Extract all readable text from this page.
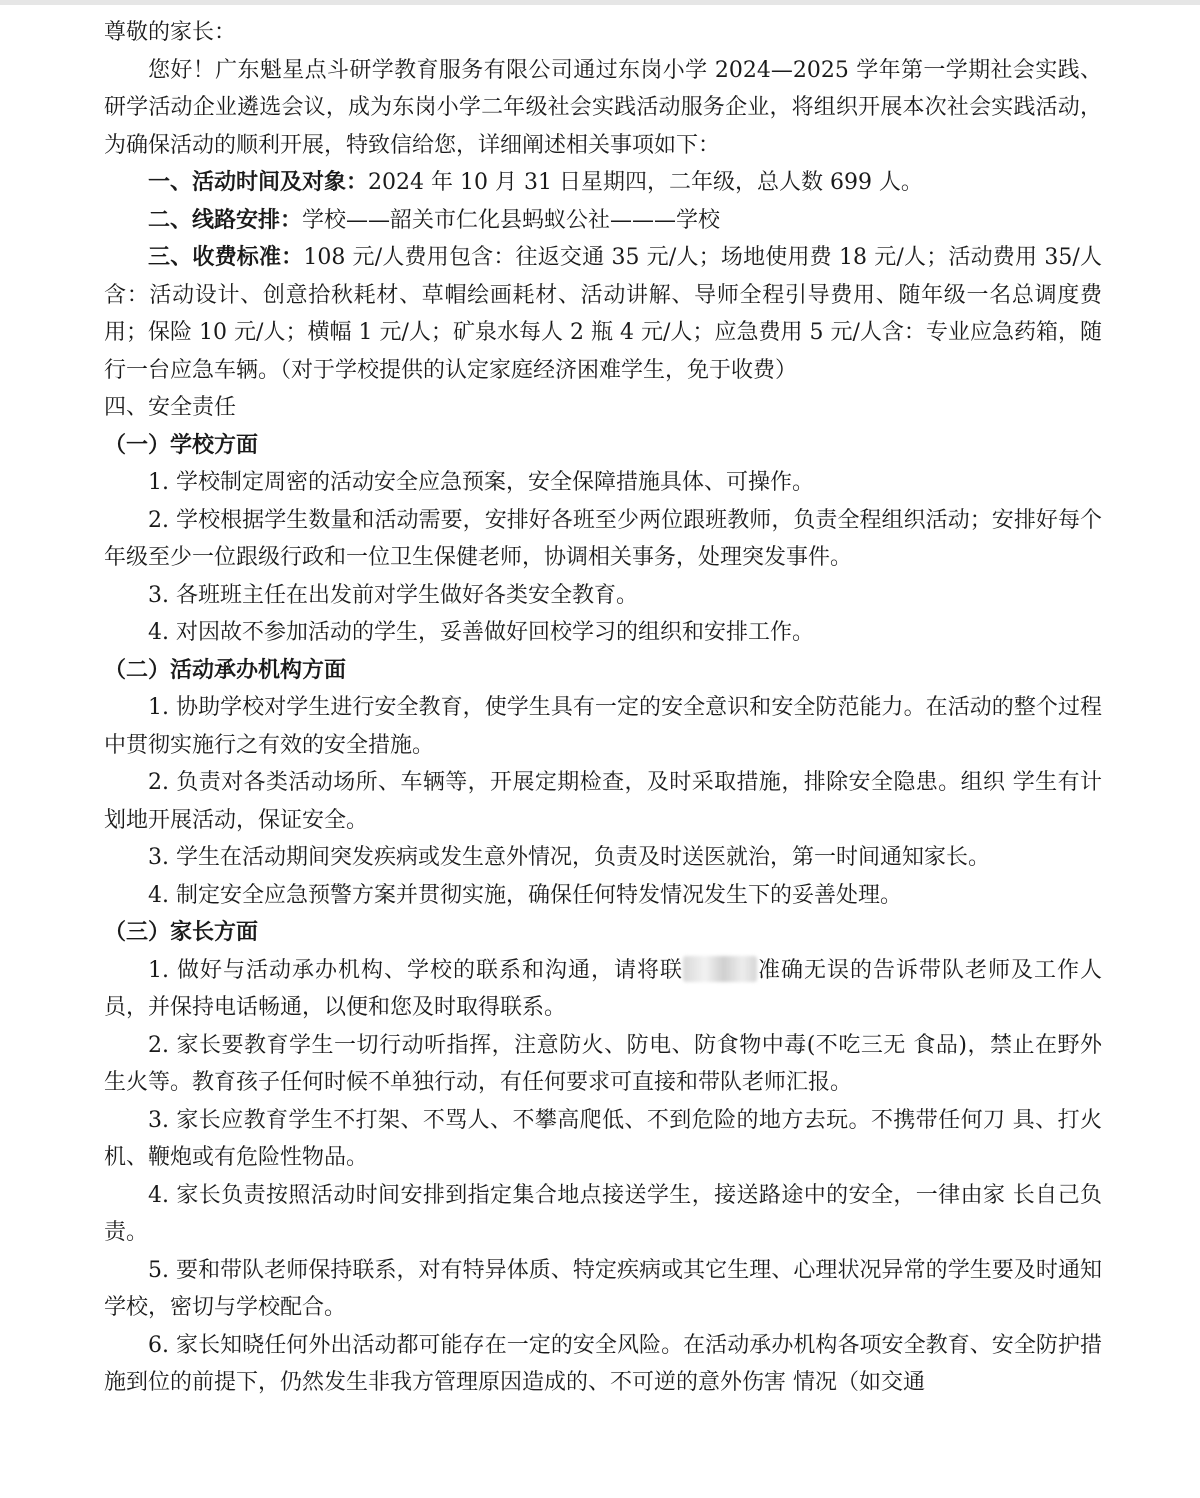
尊敬的家长：

您好！广东魁星点斗研学教育服务有限公司通过东岗小学 2024—2025 学年第一学期社会实践、研学活动企业遴选会议，成为东岗小学二年级社会实践活动服务企业，将组织开展本次社会实践活动，为确保活动的顺利开展，特致信给您，详细阐述相关事项如下：

一、活动时间及对象：2024 年 10 月 31 日星期四，二年级，总人数 699 人。

二、线路安排：学校——韶关市仁化县蚂蚁公社———学校

三、收费标准：108 元/人费用包含：往返交通 35 元/人；场地使用费 18 元/人；活动费用 35/人含：活动设计、创意拾秋耗材、草帽绘画耗材、活动讲解、导师全程引导费用、随年级一名总调度费用；保险 10 元/人；横幅 1 元/人；矿泉水每人 2 瓶 4 元/人；应急费用 5 元/人含：专业应急药箱，随行一台应急车辆。（对于学校提供的认定家庭经济困难学生，免于收费）

四、安全责任

（一）学校方面

1. 学校制定周密的活动安全应急预案，安全保障措施具体、可操作。

2. 学校根据学生数量和活动需要，安排好各班至少两位跟班教师，负责全程组织活动；安排好每个年级至少一位跟级行政和一位卫生保健老师，协调相关事务，处理突发事件。

3. 各班班主任在出发前对学生做好各类安全教育。

4. 对因故不参加活动的学生，妥善做好回校学习的组织和安排工作。

（二）活动承办机构方面

1. 协助学校对学生进行安全教育，使学生具有一定的安全意识和安全防范能力。在活动的整个过程中贯彻实施行之有效的安全措施。

2. 负责对各类活动场所、车辆等，开展定期检查，及时采取措施，排除安全隐患。组织 学生有计划地开展活动，保证安全。

3. 学生在活动期间突发疾病或发生意外情况，负责及时送医就治，第一时间通知家长。

4. 制定安全应急预警方案并贯彻实施，确保任何特发情况发生下的妥善处理。

（三）家长方面

1. 做好与活动承办机构、学校的联系和沟通，请将联	准确无误的告诉带队老师及工作人员，并保持电话畅通，以便和您及时取得联系。

2. 家长要教育学生一切行动听指挥，注意防火、防电、防食物中毒(不吃三无 食品)，禁止在野外生火等。教育孩子任何时候不单独行动，有任何要求可直接和带队老师汇报。

3. 家长应教育学生不打架、不骂人、不攀高爬低、不到危险的地方去玩。不携带任何刀 具、打火机、鞭炮或有危险性物品。

4. 家长负责按照活动时间安排到指定集合地点接送学生，接送路途中的安全，一律由家 长自己负责。

5. 要和带队老师保持联系，对有特异体质、特定疾病或其它生理、心理状况异常的学生要及时通知学校，密切与学校配合。

6. 家长知晓任何外出活动都可能存在一定的安全风险。在活动承办机构各项安全教育、安全防护措施到位的前提下，仍然发生非我方管理原因造成的、不可逆的意外伤害 情况（如交通
